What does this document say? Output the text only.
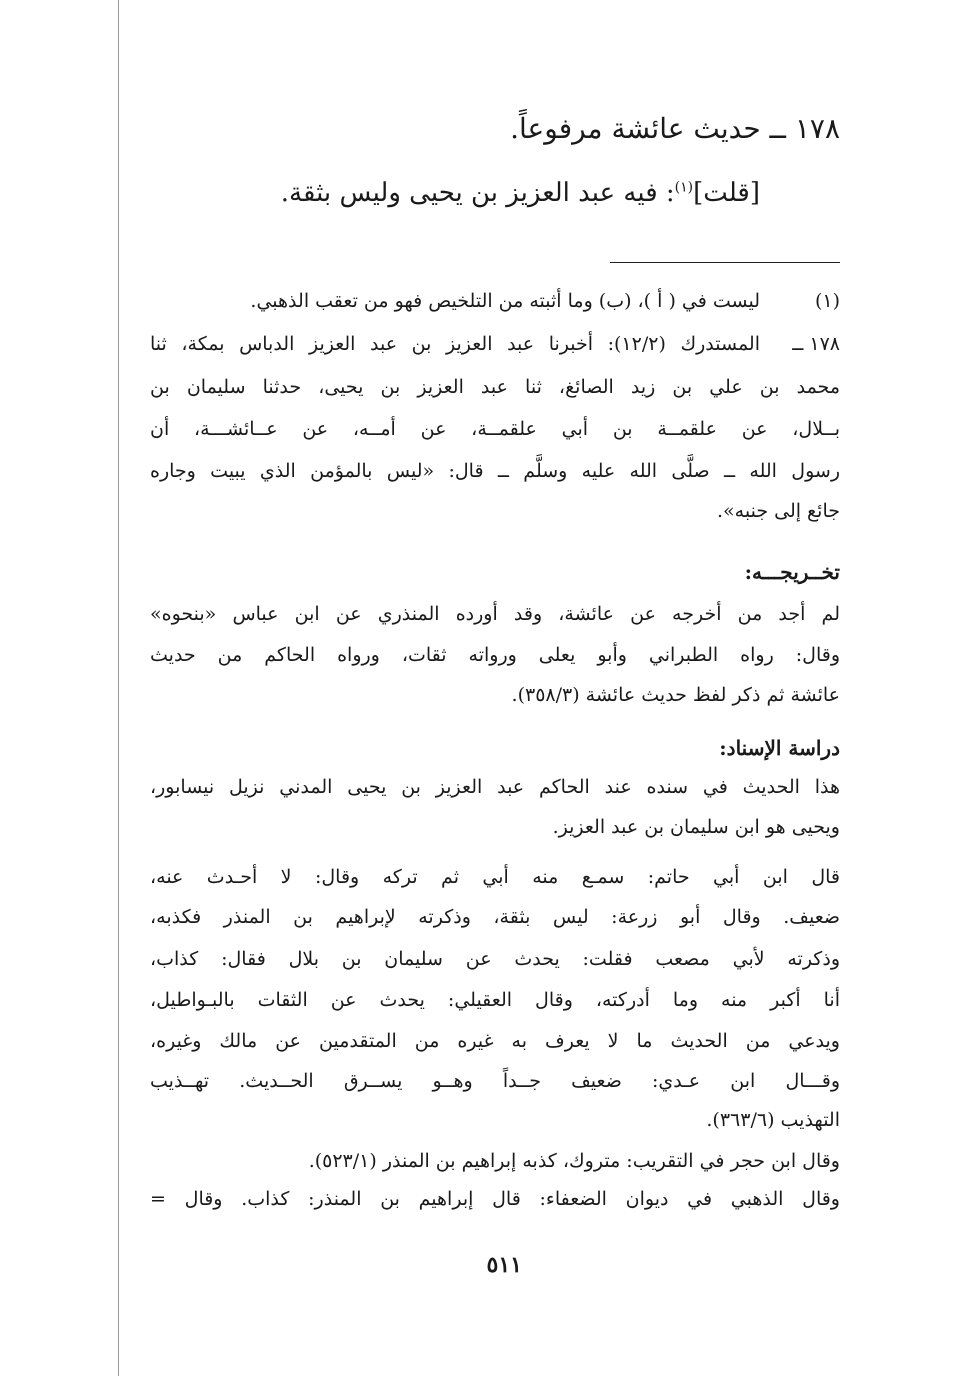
١٧٨ ــ حديث عائشة مرفوعاً.
[قلت]$^{(١)}$: فيه عبد العزيز بن يحيى وليس بثقة.
(١)
ليست في ( أ )، (ب) وما أثبته من التلخيص فهو من تعقب الذهبي.
١٧٨ ــ
المستدرك (١٢/٢): أخبرنا عبد العزيز بن عبد العزيز الدباس بمكة، ثنا
محمد بن علي بن زيد الصائغ، ثنا عبد العزيز بن يحيى، حدثنا سليمان بن
بــلال، عن علقمــة بن أبي علقمــة، عن أمــه، عن عــائشـــة، أن
رسول الله ــ صلَّى الله عليه وسلَّم ــ قال: «ليس بالمؤمن الذي يبيت وجاره
جائع إلى جنبه».
تخــريجـــه:
لم أجد من أخرجه عن عائشة، وقد أورده المنذري عن ابن عباس «بنحوه»
وقال: رواه الطبراني وأبو يعلى ورواته ثقات، ورواه الحاكم من حديث
عائشة ثم ذكر لفظ حديث عائشة (٣٥٨/٣).
دراسة الإسناد:
هذا الحديث في سنده عند الحاكم عبد العزيز بن يحيى المدني نزيل نيسابور،
ويحيى هو ابن سليمان بن عبد العزيز.
قال ابن أبي حاتم: سمـع منه أبي ثم تركه وقال: لا أحـدث عنه،
ضعيف. وقال أبو زرعة: ليس بثقة، وذكرته لإبراهيم بن المنذر فكذبه،
وذكرته لأبي مصعب فقلت: يحدث عن سليمان بن بلال فقال: كذاب،
أنا أكبر منه وما أدركته، وقال العقيلي: يحدث عن الثقات بالبـواطيل،
ويدعي من الحديث ما لا يعرف به غيره من المتقدمين عن مالك وغيره،
وقـــال ابن عـدي: ضعيف جــداً وهــو يســرق الحــديث. تهــذيب
التهذيب (٣٦٣/٦).
وقال ابن حجر في التقريب: متروك، كذبه إبراهيم بن المنذر (٥٢٣/١).
وقال الذهبي في ديوان الضعفاء: قال إبراهيم بن المنذر: كذاب. وقال =
٥١١
